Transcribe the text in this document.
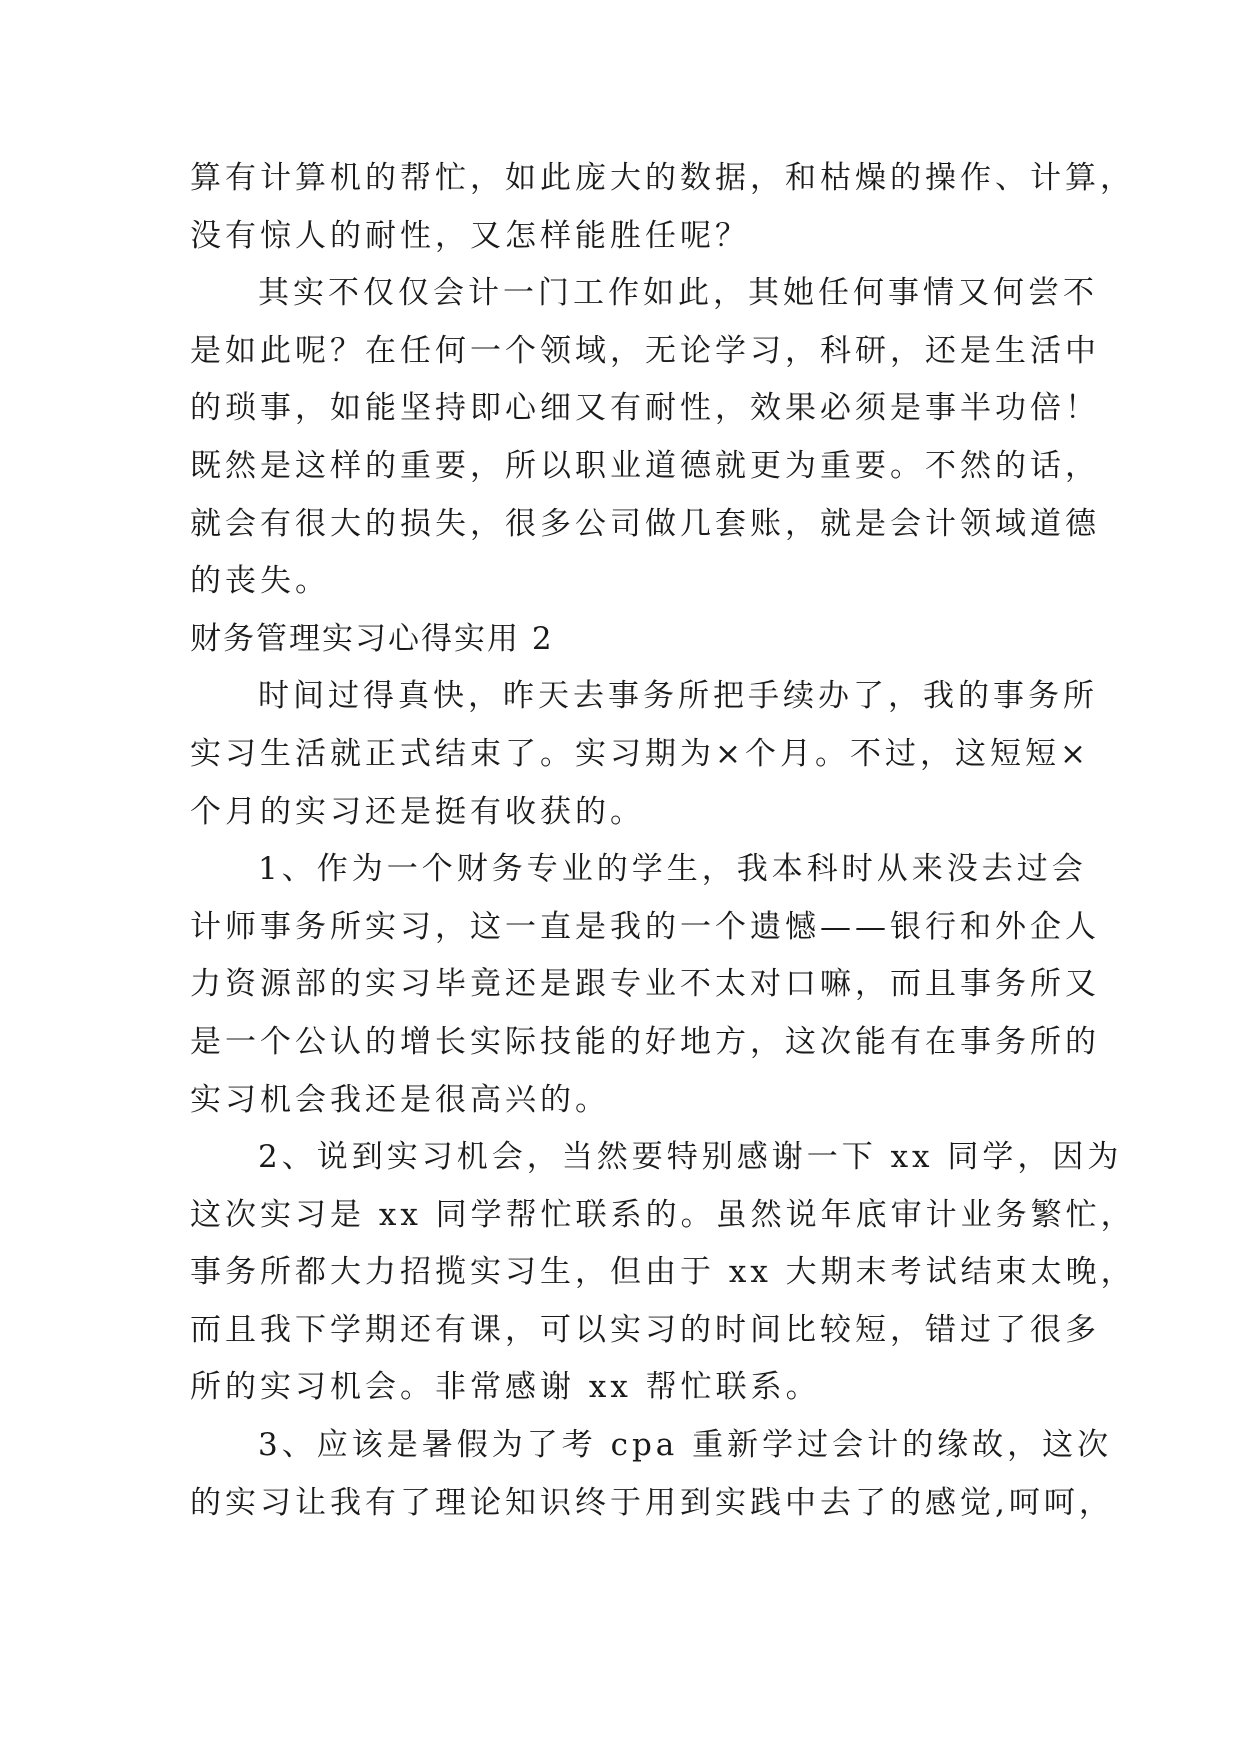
算有计算机的帮忙，如此庞大的数据，和枯燥的操作、计算，
没有惊人的耐性，又怎样能胜任呢？
其实不仅仅会计一门工作如此，其她任何事情又何尝不
是如此呢？在任何一个领域，无论学习，科研，还是生活中
的琐事，如能坚持即心细又有耐性，效果必须是事半功倍！
既然是这样的重要，所以职业道德就更为重要。不然的话，
就会有很大的损失，很多公司做几套账，就是会计领域道德
的丧失。
财务管理实习心得实用 2
时间过得真快，昨天去事务所把手续办了，我的事务所
实习生活就正式结束了。实习期为×个月。不过，这短短×
个月的实习还是挺有收获的。
1、作为一个财务专业的学生，我本科时从来没去过会
计师事务所实习，这一直是我的一个遗憾——银行和外企人
力资源部的实习毕竟还是跟专业不太对口嘛，而且事务所又
是一个公认的增长实际技能的好地方，这次能有在事务所的
实习机会我还是很高兴的。
2、说到实习机会，当然要特别感谢一下 xx 同学，因为
这次实习是 xx 同学帮忙联系的。虽然说年底审计业务繁忙，
事务所都大力招揽实习生，但由于 xx 大期末考试结束太晚，
而且我下学期还有课，可以实习的时间比较短，错过了很多
所的实习机会。非常感谢 xx 帮忙联系。
3、应该是暑假为了考 cpa 重新学过会计的缘故，这次
的实习让我有了理论知识终于用到实践中去了的感觉,呵呵，
